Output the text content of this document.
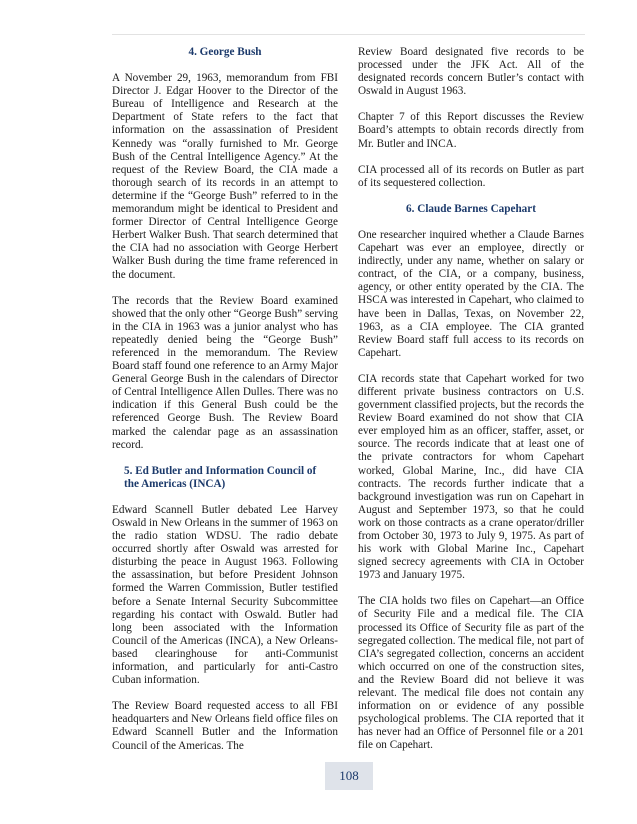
4. George Bush

A November 29, 1963, memorandum from FBI Director J. Edgar Hoover to the Director of the Bureau of Intelligence and Research at the Department of State refers to the fact that information on the assassination of President Kennedy was “orally furnished to Mr. George Bush of the Central Intelligence Agency.” At the request of the Review Board, the CIA made a thorough search of its records in an attempt to determine if the “George Bush” referred to in the memorandum might be identical to President and former Director of Central Intelligence George Herbert Walker Bush. That search determined that the CIA had no association with George Herbert Walker Bush during the time frame referenced in the document.

The records that the Review Board examined showed that the only other “George Bush” serving in the CIA in 1963 was a junior analyst who has repeatedly denied being the “George Bush” referenced in the memorandum. The Review Board staff found one reference to an Army Major General George Bush in the calendars of Director of Central Intelligence Allen Dulles. There was no indication if this General Bush could be the referenced George Bush. The Review Board marked the calendar page as an assassination record.

5. Ed Butler and Information Council of the Americas (INCA)

Edward Scannell Butler debated Lee Harvey Oswald in New Orleans in the summer of 1963 on the radio station WDSU. The radio debate occurred shortly after Oswald was arrested for disturbing the peace in August 1963. Following the assassination, but before President Johnson formed the Warren Commission, Butler testified before a Senate Internal Security Subcommittee regarding his contact with Oswald. Butler had long been associated with the Information Council of the Americas (INCA), a New Orleans-based clearinghouse for anti-Communist information, and particularly for anti-Castro Cuban information.

The Review Board requested access to all FBI headquarters and New Orleans field office files on Edward Scannell Butler and the Information Council of the Americas. The

Review Board designated five records to be processed under the JFK Act. All of the designated records concern Butler’s contact with Oswald in August 1963.

Chapter 7 of this Report discusses the Review Board’s attempts to obtain records directly from Mr. Butler and INCA.

CIA processed all of its records on Butler as part of its sequestered collection.

6. Claude Barnes Capehart

One researcher inquired whether a Claude Barnes Capehart was ever an employee, directly or indirectly, under any name, whether on salary or contract, of the CIA, or a company, business, agency, or other entity operated by the CIA. The HSCA was interested in Capehart, who claimed to have been in Dallas, Texas, on November 22, 1963, as a CIA employee. The CIA granted Review Board staff full access to its records on Capehart.

CIA records state that Capehart worked for two different private business contractors on U.S. government classified projects, but the records the Review Board examined do not show that CIA ever employed him as an officer, staffer, asset, or source. The records indicate that at least one of the private contractors for whom Capehart worked, Global Marine, Inc., did have CIA contracts. The records further indicate that a background investigation was run on Capehart in August and September 1973, so that he could work on those contracts as a crane operator/driller from October 30, 1973 to July 9, 1975. As part of his work with Global Marine Inc., Capehart signed secrecy agreements with CIA in October 1973 and January 1975.

The CIA holds two files on Capehart—an Office of Security File and a medical file. The CIA processed its Office of Security file as part of the segregated collection. The medical file, not part of CIA’s segregated collection, concerns an accident which occurred on one of the construction sites, and the Review Board did not believe it was relevant. The medical file does not contain any information on or evidence of any possible psychological problems. The CIA reported that it has never had an Office of Personnel file or a 201 file on Capehart.

108
